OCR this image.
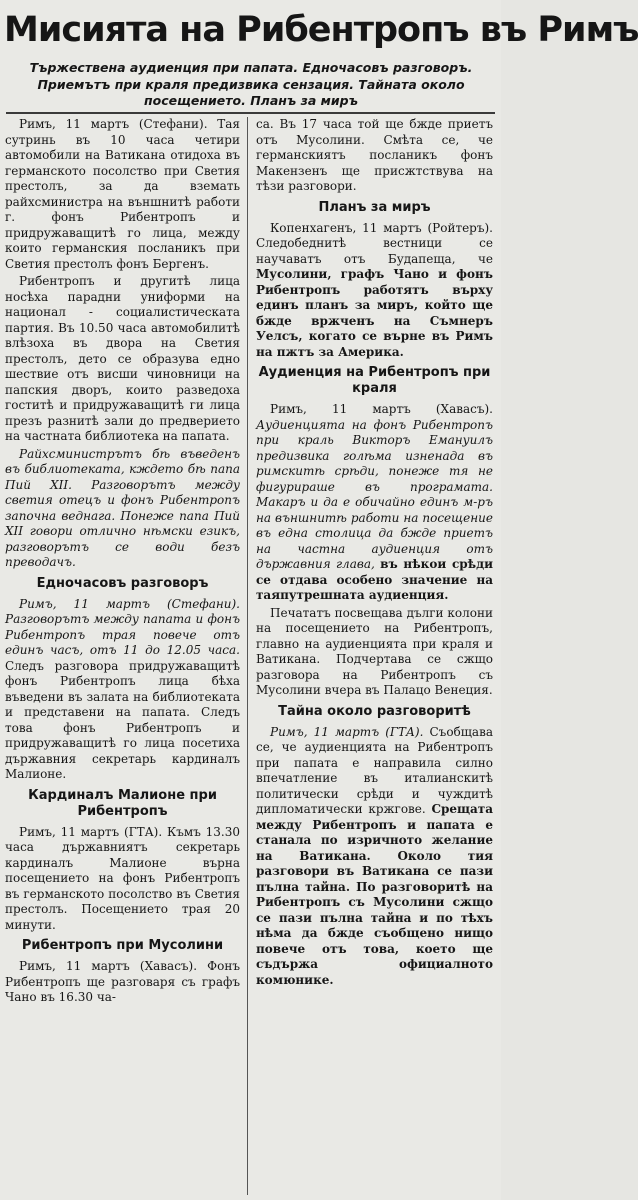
Мисията на Рибентропъ въ Римъ
Тържествена аудиенция при папата. Едночасовъ разговоръ. Приемътъ при краля предизвика сензация. Тайната около посещението. Планъ за миръ

Римъ, 11 мартъ (Стефани). Тая сутринь въ 10 часа четири автомобили на Ватикана отидоха въ германското посолство при Светия престолъ, за да вземать райхсминистра на външнитѣ работи г. фонъ Рибентропъ и придружаващитѣ го лица, между които германския посланикъ при Светия престолъ фонъ Бергенъ.

Рибентропъ и другитѣ лица носѣха парадни униформи на национал - социалистическата партия. Въ 10.50 часа автомобилитѣ влѣзоха въ двора на Светия престолъ, дето се образува едно шествие отъ висши чиновници на папския дворъ, които разведоха гоститѣ и придружаващитѣ ги лица презъ разнитѣ зали до предверието на частната библиотека на папата.

Райхсминистрътъ бѣ въведенъ въ библиотеката, кждето бѣ папа Пий XII. Разговорътъ между светия отецъ и фонъ Рибентропъ започна веднага. Понеже папа Пий XII говори отлично нѣмски езикъ, разговорътъ се води безъ преводачъ.

Едночасовъ разговоръ

Римъ, 11 мартъ (Стефани). Разговорътъ между папата и фонъ Рибентропъ трая повече отъ единъ часъ, отъ 11 до 12.05 часа. Следъ разговора придружаващитѣ фонъ Рибентропъ лица бѣха въведени въ залата на библиотеката и представени на папата. Следъ това фонъ Рибентропъ и придружаващитѣ го лица посетиха държавния секретарь кардиналъ Малионе.

Кардиналъ Малионе при Рибентропъ

Римъ, 11 мартъ (ГТА). Къмъ 13.30 часа държавниятъ секретарь кардиналъ Малионе върна посещението на фонъ Рибентропъ въ германското посолство въ Светия престолъ. Посещението трая 20 минути.

Рибентропъ при Мусолини

Римъ, 11 мартъ (Хавасъ). Фонъ Рибентропъ ще разговаря съ графъ Чано въ 16.30 ча-

са. Въ 17 часа той ще бжде приетъ отъ Мусолини. Смѣта се, че германскиятъ посланикъ фонъ Макензенъ ще присжтствува на тѣзи разговори.

Планъ за миръ

Копенхагенъ, 11 мартъ (Ройтеръ). Следобеднитѣ вестници се научаватъ отъ Будапеща, че Мусолини, графъ Чано и фонъ Рибентропъ работятъ върху единъ планъ за миръ, който ще бжде вржченъ на Съмнеръ Уелсъ, когато се върне въ Римъ на пжтъ за Америка.

Аудиенция на Рибентропъ при краля

Римъ, 11 мартъ (Хавасъ). Аудиенцията на фонъ Рибентропъ при краль Викторъ Емануилъ предизвика голѣма изненада въ римскитѣ срѣди, понеже тя не фигурираше въ програмата. Макаръ и да е обичайно единъ м-ръ на външнитѣ работи на посещение въ една столица да бжде приетъ на частна аудиенция отъ държавния глава, въ нѣкои срѣди се отдава особено значение на таяпутрешната аудиенция.

Печататъ посвещава дълги колони на посещението на Рибентропъ, главно на аудиенцията при краля и Ватикана. Подчертава се сжщо разговора на Рибентропъ съ Мусолини вчера въ Палацо Венеция.

Тайна около разговоритѣ

Римъ, 11 мартъ (ГТА). Съобщава се, че аудиенцията на Рибентропъ при папата е направила силно впечатление въ италианскитѣ политически срѣди и чуждитѣ дипломатически кржгове. Срещата между Рибентропъ и папата е станала по изричното желание на Ватикана. Около тия разговори въ Ватикана се пази пълна тайна. По разговоритѣ на Рибентропъ съ Мусолини сжщо се пази пълна тайна и по тѣхъ нѣма да бжде съобщено нищо повече отъ това, което ще съдържа официалното комюнике.
